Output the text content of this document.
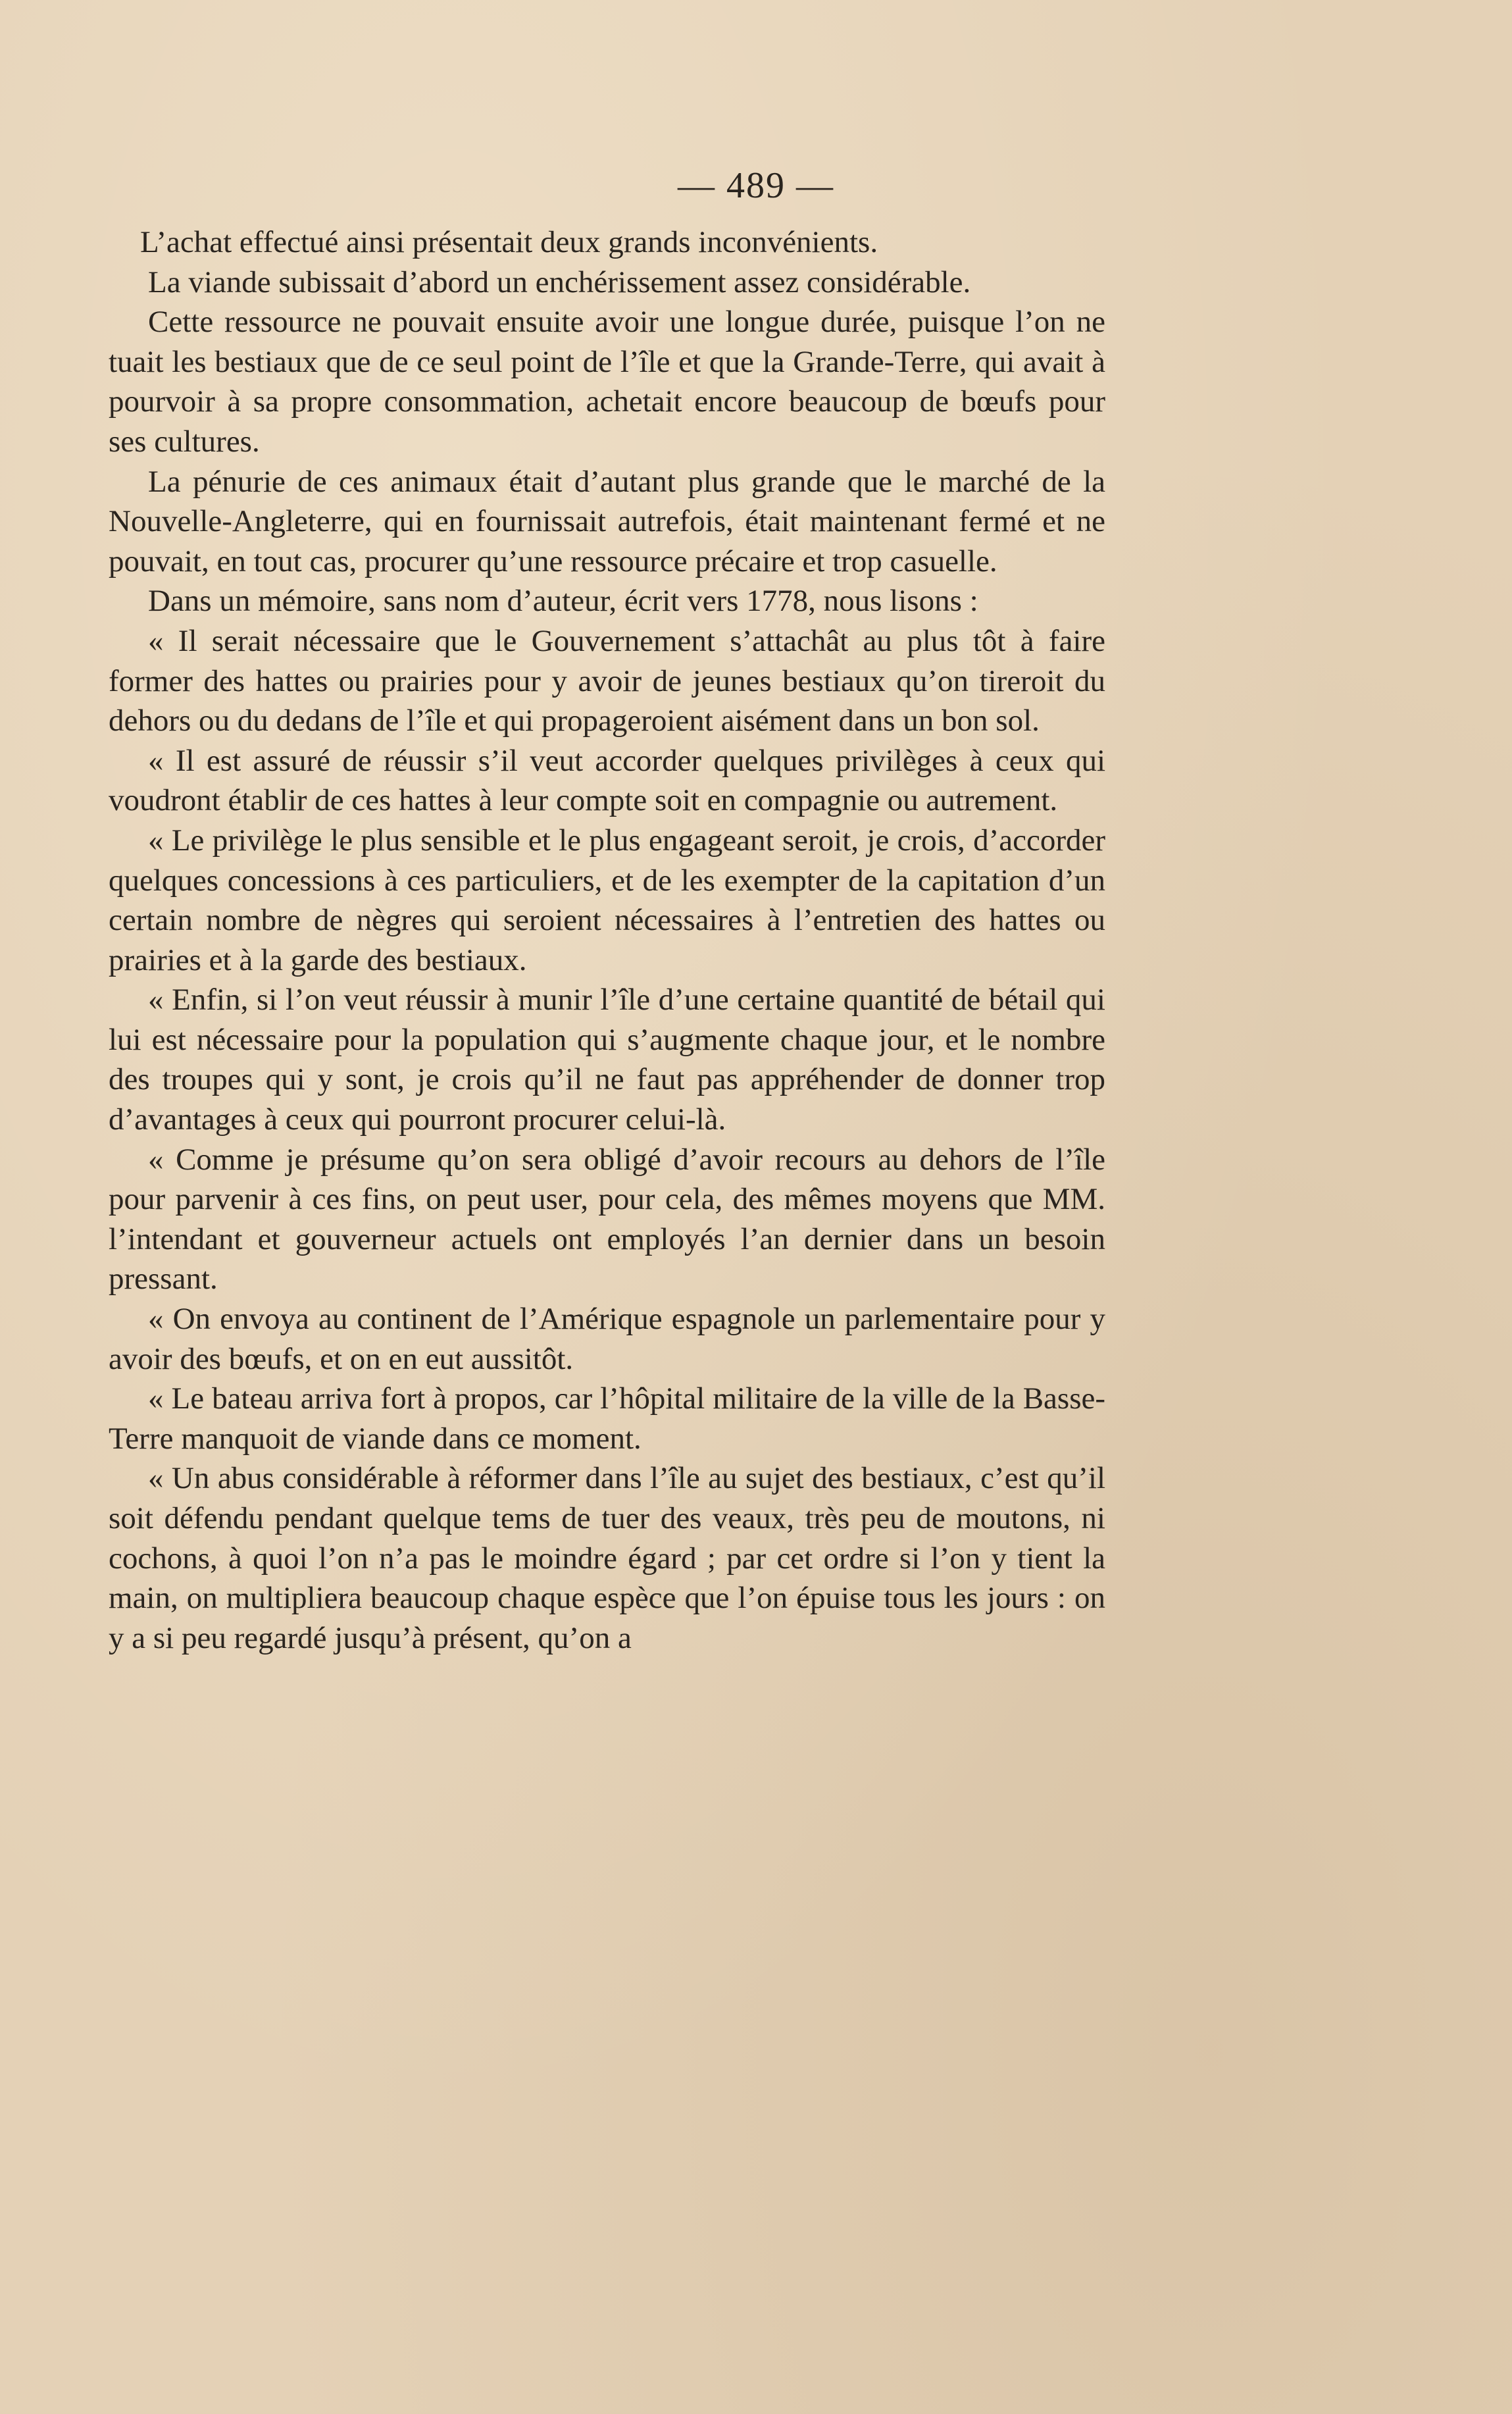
— 489 —

L’achat effectué ainsi présentait deux grands inconvénients.

La viande subissait d’abord un enchérissement assez considérable.

Cette ressource ne pouvait ensuite avoir une longue durée, puisque l’on ne tuait les bestiaux que de ce seul point de l’île et que la Grande-Terre, qui avait à pourvoir à sa propre consommation, achetait encore beaucoup de bœufs pour ses cultures.

La pénurie de ces animaux était d’autant plus grande que le marché de la Nouvelle-Angleterre, qui en fournissait autrefois, était maintenant fermé et ne pouvait, en tout cas, procurer qu’une ressource précaire et trop casuelle.

Dans un mémoire, sans nom d’auteur, écrit vers 1778, nous lisons :

« Il serait nécessaire que le Gouvernement s’attachât au plus tôt à faire former des hattes ou prairies pour y avoir de jeunes bestiaux qu’on tireroit du dehors ou du dedans de l’île et qui propageroient aisément dans un bon sol.

« Il est assuré de réussir s’il veut accorder quelques privilèges à ceux qui voudront établir de ces hattes à leur compte soit en compagnie ou autrement.

« Le privilège le plus sensible et le plus engageant seroit, je crois, d’accorder quelques concessions à ces particuliers, et de les exempter de la capitation d’un certain nombre de nègres qui seroient nécessaires à l’entretien des hattes ou prairies et à la garde des bestiaux.

« Enfin, si l’on veut réussir à munir l’île d’une certaine quantité de bétail qui lui est nécessaire pour la population qui s’augmente chaque jour, et le nombre des troupes qui y sont, je crois qu’il ne faut pas appréhender de donner trop d’avantages à ceux qui pourront procurer celui-là.

« Comme je présume qu’on sera obligé d’avoir recours au dehors de l’île pour parvenir à ces fins, on peut user, pour cela, des mêmes moyens que MM. l’intendant et gouverneur actuels ont employés l’an dernier dans un besoin pressant.

« On envoya au continent de l’Amérique espagnole un parlementaire pour y avoir des bœufs, et on en eut aussitôt.

« Le bateau arriva fort à propos, car l’hôpital militaire de la ville de la Basse-Terre manquoit de viande dans ce moment.

« Un abus considérable à réformer dans l’île au sujet des bestiaux, c’est qu’il soit défendu pendant quelque tems de tuer des veaux, très peu de moutons, ni cochons, à quoi l’on n’a pas le moindre égard ; par cet ordre si l’on y tient la main, on multipliera beaucoup chaque espèce que l’on épuise tous les jours : on y a si peu regardé jusqu’à présent, qu’on a
